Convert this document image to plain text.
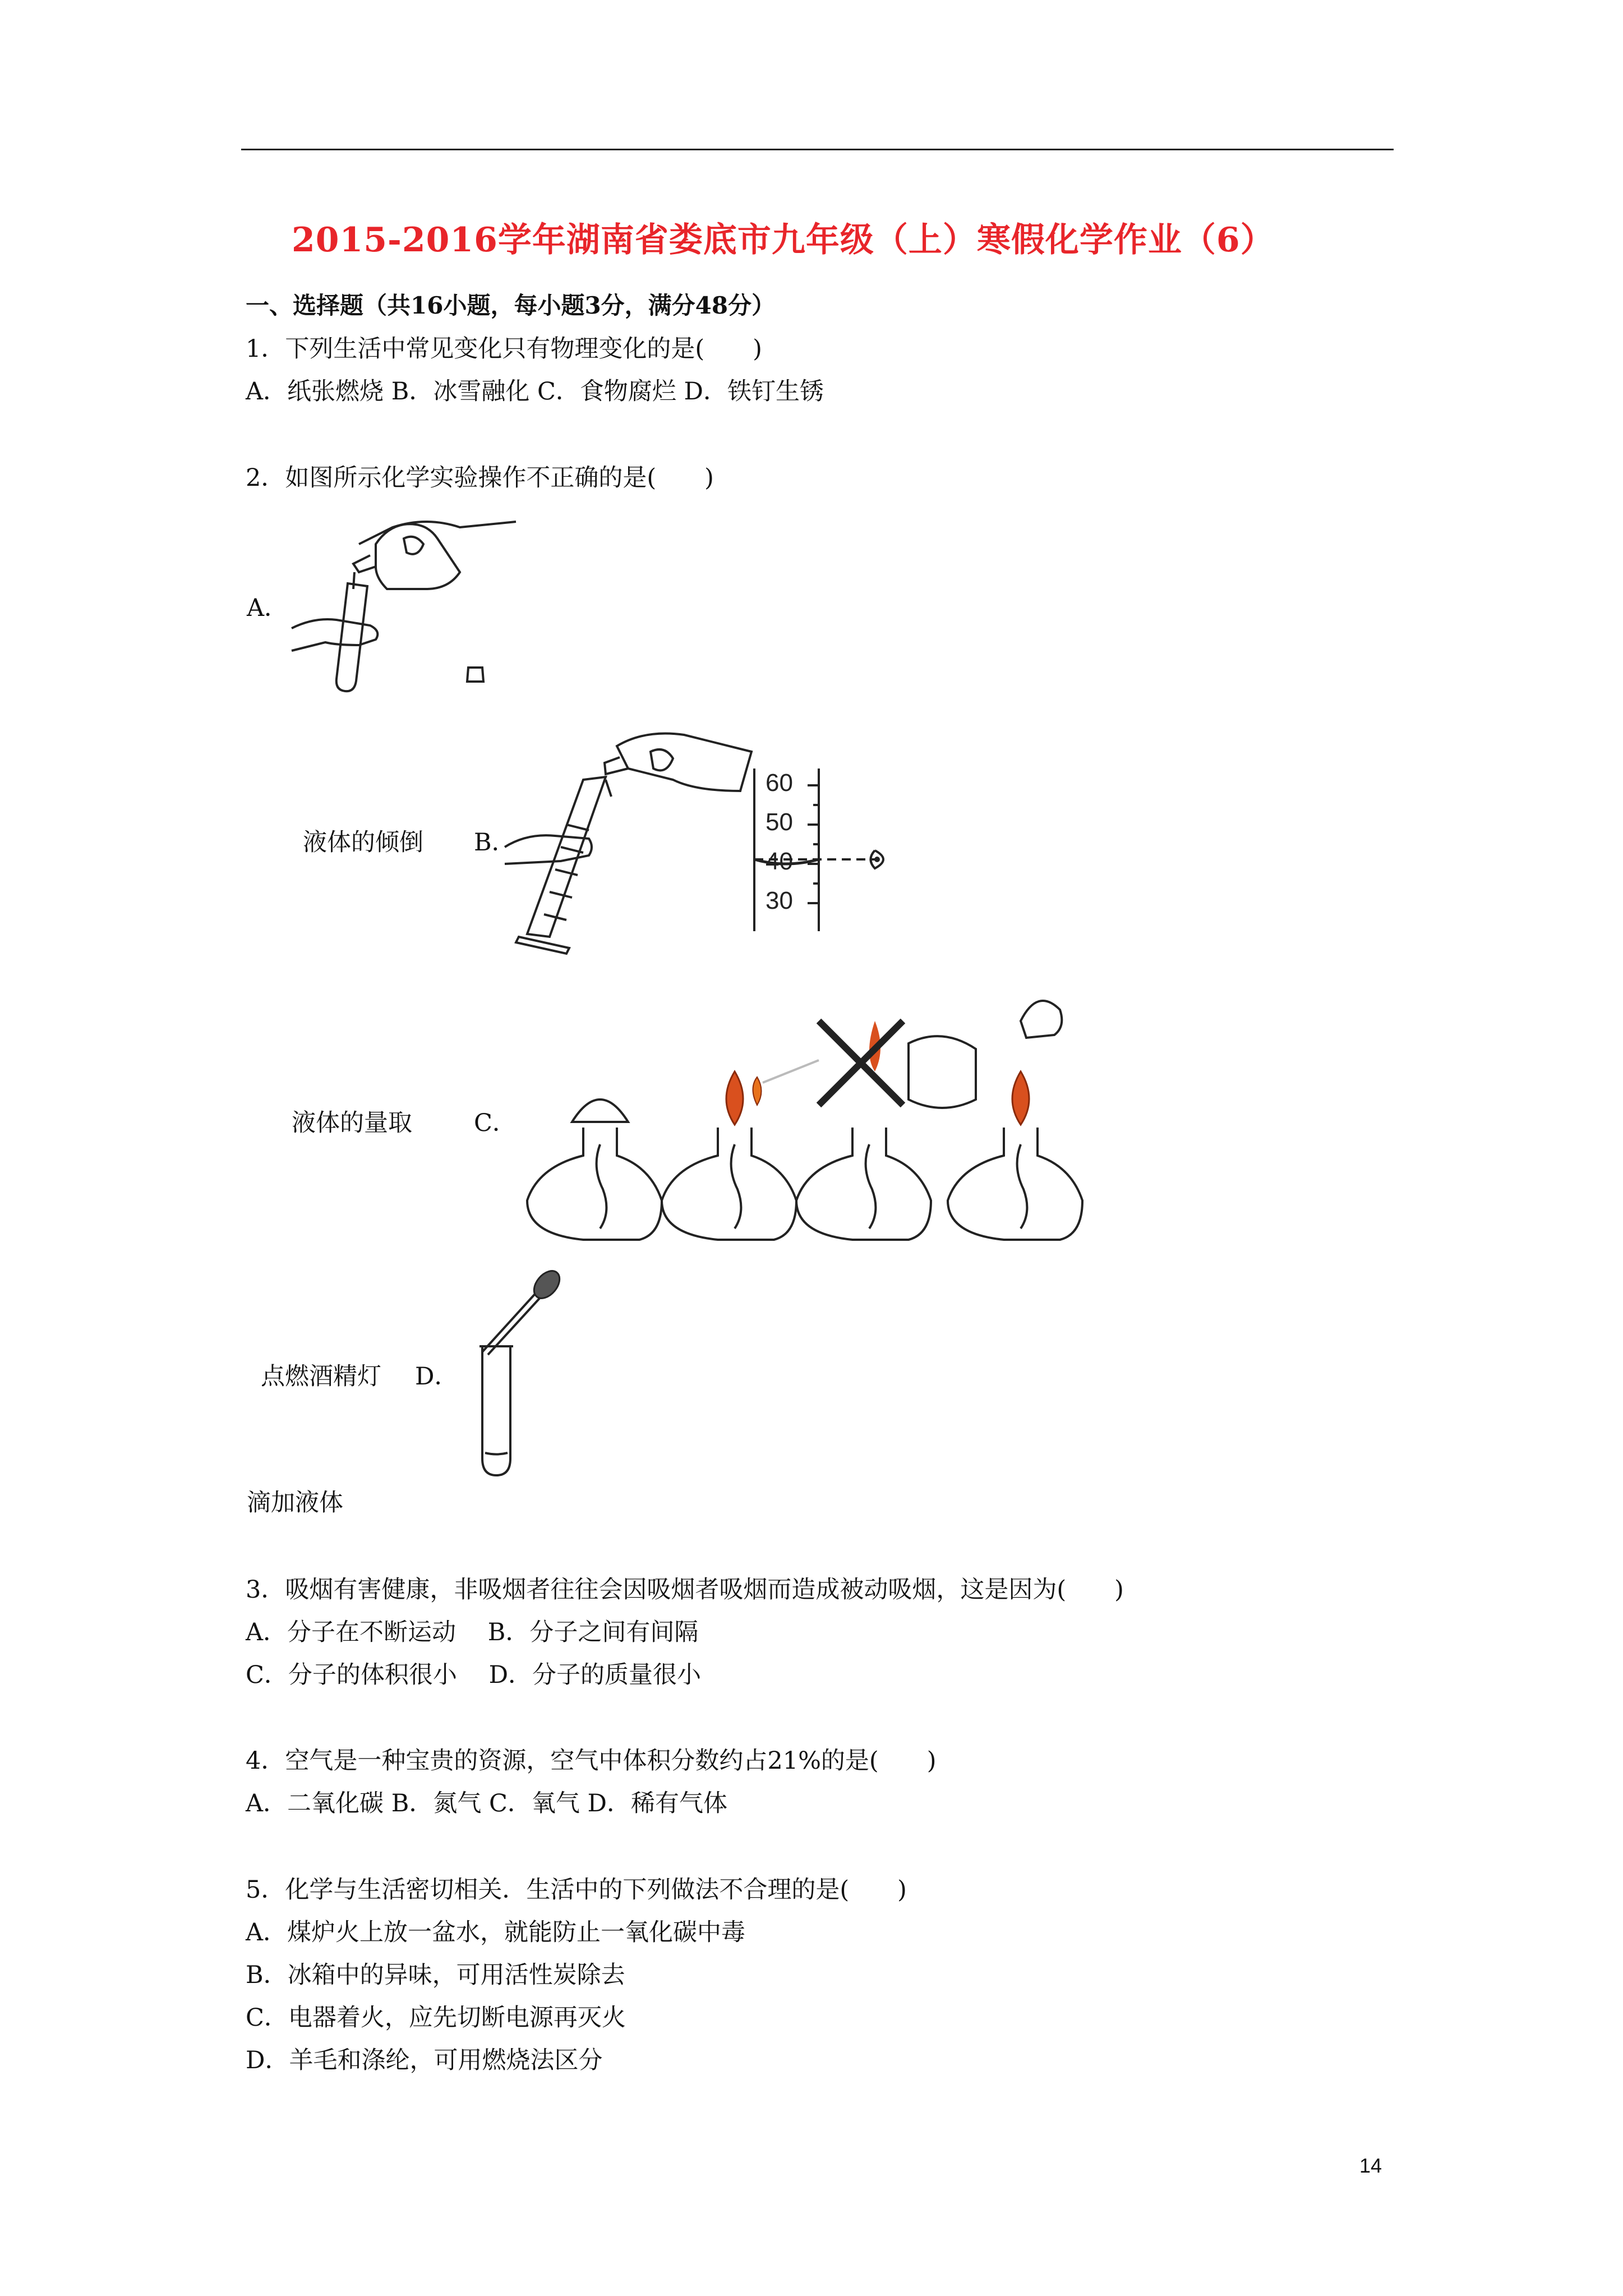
2015-2016学年湖南省娄底市九年级（上）寒假化学作业（6）
一、选择题（共16小题，每小题3分，满分48分）
1．下列生活中常见变化只有物理变化的是(　　)
A．纸张燃烧 B．冰雪融化 C．食物腐烂 D．铁钉生锈
2．如图所示化学实验操作不正确的是(　　)
A．
液体的倾倒 B．
60
50
40
30
液体的量取	C．
点燃酒精灯 D．
滴加液体
3．吸烟有害健康，非吸烟者往往会因吸烟者吸烟而造成被动吸烟，这是因为(　　)
A．分子在不断运动　 B．分子之间有间隔
C．分子的体积很小　 D．分子的质量很小
4．空气是一种宝贵的资源，空气中体积分数约占21%的是(　　)
A．二氧化碳 B．氮气 C．氧气 D．稀有气体
5．化学与生活密切相关．生活中的下列做法不合理的是(　　)
A．煤炉火上放一盆水，就能防止一氧化碳中毒
B．冰箱中的异味，可用活性炭除去
C．电器着火，应先切断电源再灭火
D．羊毛和涤纶，可用燃烧法区分
14
